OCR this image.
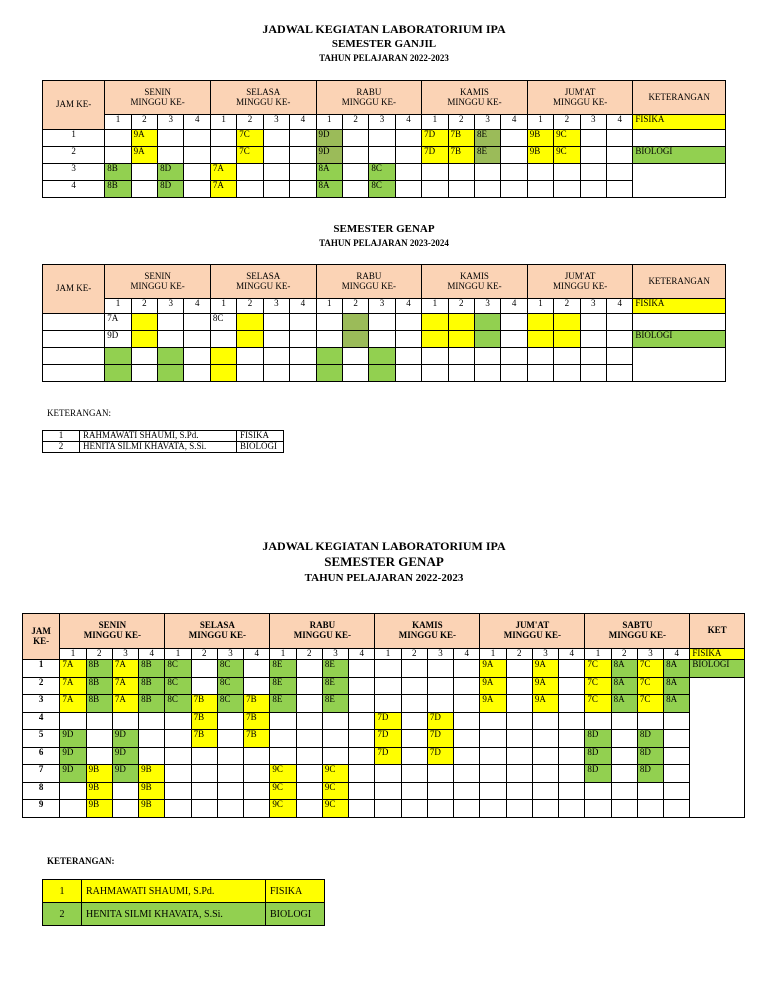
JADWAL KEGIATAN LABORATORIUM IPA
SEMESTER GANJIL
TAHUN PELAJARAN 2022-2023
JAM KE-	SENIN
MINGGU KE-				SELASA
MINGGU KE-				RABU
MINGGU KE-				KAMIS
MINGGU KE-				JUM'AT
MINGGU KE-				KETERANGAN
	1	2	3	4	1	2	3	4	1	2	3	4	1	2	3	4	1	2	3	4	FISIKA
1		9A				7C			9D				7D	7B	8E		9B	9C			
2		9A				7C			9D				7D	7B	8E		9B	9C			BIOLOGI
3	8B		8D		7A				8A		8C										
4	8B		8D		7A				8A		8C										
SEMESTER GENAP
TAHUN PELAJARAN 2023-2024
JAM KE-	SENIN
MINGGU KE-				SELASA
MINGGU KE-				RABU
MINGGU KE-				KAMIS
MINGGU KE-				JUM'AT
MINGGU KE-				KETERANGAN
	1	2	3	4	1	2	3	4	1	2	3	4	1	2	3	4	1	2	3	4	FISIKA
	7A				8C																
	9D																				BIOLOGI

KETERANGAN:
1	RAHMAWATI SHAUMI, S.Pd.	FISIKA
2	HENITA SILMI KHAVATA, S.Si.	BIOLOGI
JADWAL KEGIATAN LABORATORIUM IPA
SEMESTER GENAP
TAHUN PELAJARAN 2022-2023
JAM
KE-	SENIN
MINGGU KE-				SELASA
MINGGU KE-				RABU
MINGGU KE-				KAMIS
MINGGU KE-				JUM'AT
MINGGU KE-				SABTU
MINGGU KE-				KET
	1	2	3	4	1	2	3	4	1	2	3	4	1	2	3	4	1	2	3	4	1	2	3	4	FISIKA
1	7A	8B	7A	8B	8C		8C		8E		8E						9A		9A		7C	8A	7C	8A	BIOLOGI
2	7A	8B	7A	8B	8C		8C		8E		8E						9A		9A		7C	8A	7C	8A	
3	7A	8B	7A	8B	8C	7B	8C	7B	8E		8E						9A		9A		7C	8A	7C	8A	
4						7B		7B					7D		7D										
5	9D		9D			7B		7B					7D		7D						8D		8D		
6	9D		9D										7D		7D						8D		8D		
7	9D	9B	9D	9B					9C		9C										8D		8D		
8		9B		9B					9C		9C														
9		9B		9B					9C		9C														
KETERANGAN:
1	RAHMAWATI SHAUMI, S.Pd.	FISIKA
2	HENITA SILMI KHAVATA, S.Si.	BIOLOGI
